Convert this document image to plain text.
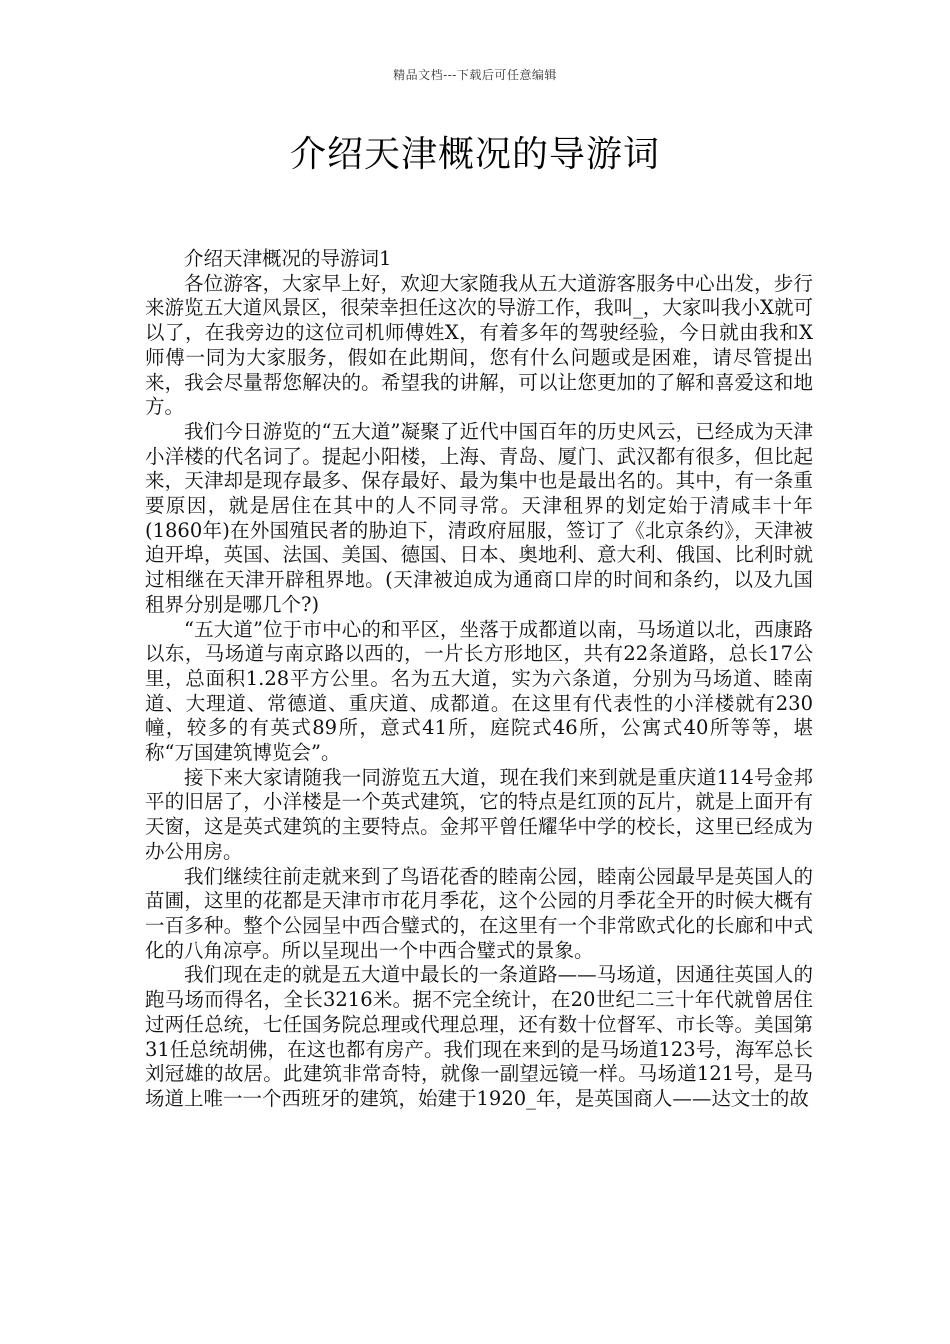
精品文档---下载后可任意编辑
介绍天津概况的导游词

介绍天津概况的导游词1

各位游客，大家早上好，欢迎大家随我从五大道游客服务中心出发，步行来游览五大道风景区，很荣幸担任这次的导游工作，我叫_，大家叫我小X就可以了，在我旁边的这位司机师傅姓X，有着多年的驾驶经验，今日就由我和X师傅一同为大家服务，假如在此期间，您有什么问题或是困难，请尽管提出来，我会尽量帮您解决的。希望我的讲解，可以让您更加的了解和喜爱这和地方。

我们今日游览的“五大道”凝聚了近代中国百年的历史风云，已经成为天津小洋楼的代名词了。提起小阳楼，上海、青岛、厦门、武汉都有很多，但比起来，天津却是现存最多、保存最好、最为集中也是最出名的。其中，有一条重要原因，就是居住在其中的人不同寻常。天津租界的划定始于清咸丰十年(1860年)在外国殖民者的胁迫下，清政府屈服，签订了《北京条约》，天津被迫开埠，英国、法国、美国、德国、日本、奥地利、意大利、俄国、比利时就过相继在天津开辟租界地。(天津被迫成为通商口岸的时间和条约，以及九国租界分别是哪几个?)

“五大道”位于市中心的和平区，坐落于成都道以南，马场道以北，西康路以东，马场道与南京路以西的，一片长方形地区，共有22条道路，总长17公里，总面积1.28平方公里。名为五大道，实为六条道，分别为马场道、睦南道、大理道、常德道、重庆道、成都道。在这里有代表性的小洋楼就有230幢，较多的有英式89所，意式41所，庭院式46所，公寓式40所等等，堪称“万国建筑博览会”。

接下来大家请随我一同游览五大道，现在我们来到就是重庆道114号金邦平的旧居了，小洋楼是一个英式建筑，它的特点是红顶的瓦片，就是上面开有天窗，这是英式建筑的主要特点。金邦平曾任耀华中学的校长，这里已经成为办公用房。

我们继续往前走就来到了鸟语花香的睦南公园，睦南公园最早是英国人的苗圃，这里的花都是天津市市花月季花，这个公园的月季花全开的时候大概有一百多种。整个公园呈中西合璧式的，在这里有一个非常欧式化的长廊和中式化的八角凉亭。所以呈现出一个中西合璧式的景象。

我们现在走的就是五大道中最长的一条道路——马场道，因通往英国人的跑马场而得名，全长3216米。据不完全统计，在20世纪二三十年代就曾居住过两任总统，七任国务院总理或代理总理，还有数十位督军、市长等。美国第31任总统胡佛，在这也都有房产。我们现在来到的是马场道123号，海军总长刘冠雄的故居。此建筑非常奇特，就像一副望远镜一样。马场道121号，是马场道上唯一一个西班牙的建筑，始建于1920_年，是英国商人——达文士的故
